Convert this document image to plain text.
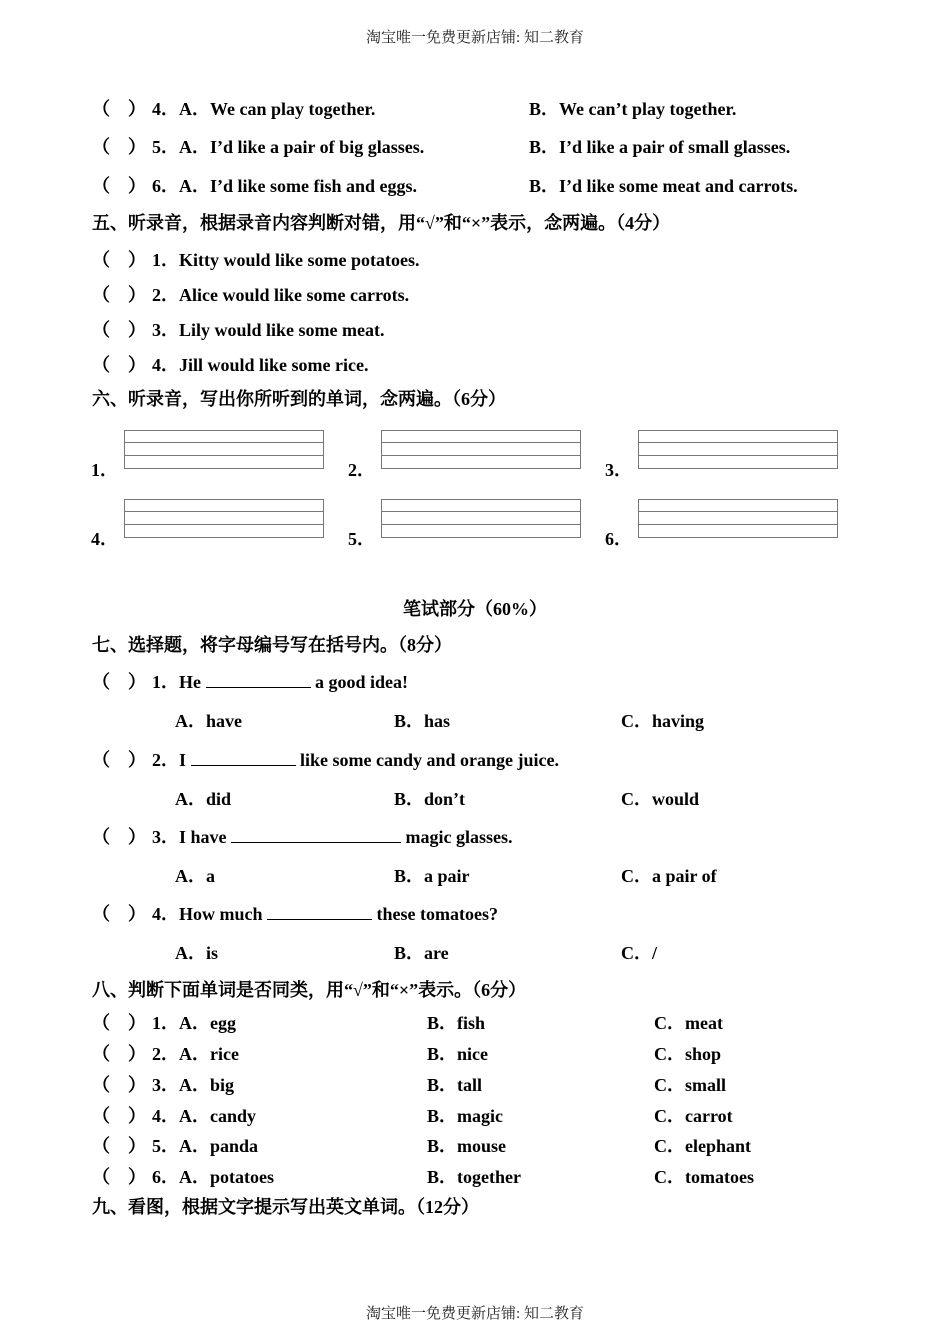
淘宝唯一免费更新店铺: 知二教育
（　） 4．A．We can play together.	B．We can’t play together.
（　） 5．A．I’d like a pair of big glasses.	B．I’d like a pair of small glasses.
（　） 6．A．I’d like some fish and eggs.	B．I’d like some meat and carrots.
五、听录音，根据录音内容判断对错，用“√”和“×”表示，念两遍。（4分）
（　） 1．Kitty would like some potatoes.
（　） 2．Alice would like some carrots.
（　） 3．Lily would like some meat.
（　） 4．Jill would like some rice.
六、听录音，写出你所听到的单词，念两遍。（6分）
1．	2．	3．
4．	5．	6．
笔试部分（60%）
七、选择题，将字母编号写在括号内。（8分）
（　） 1．He	a good idea!
A．have	B．has	C．having
（　） 2．I	like some candy and orange juice.
A．did	B．don’t	C．would
（　） 3．I have	magic glasses.
A．a	B．a pair	C．a pair of
（　） 4．How much	these tomatoes?
A．is	B．are	C．/
八、判断下面单词是否同类，用“√”和“×”表示。（6分）
（　） 1．A．egg	B．fish	C．meat
（　） 2．A．rice	B．nice	C．shop
（　） 3．A．big	B．tall	C．small
（　） 4．A．candy	B．magic	C．carrot
（　） 5．A．panda	B．mouse	C．elephant
（　） 6．A．potatoes	B．together	C．tomatoes
九、看图，根据文字提示写出英文单词。（12分）
淘宝唯一免费更新店铺: 知二教育
